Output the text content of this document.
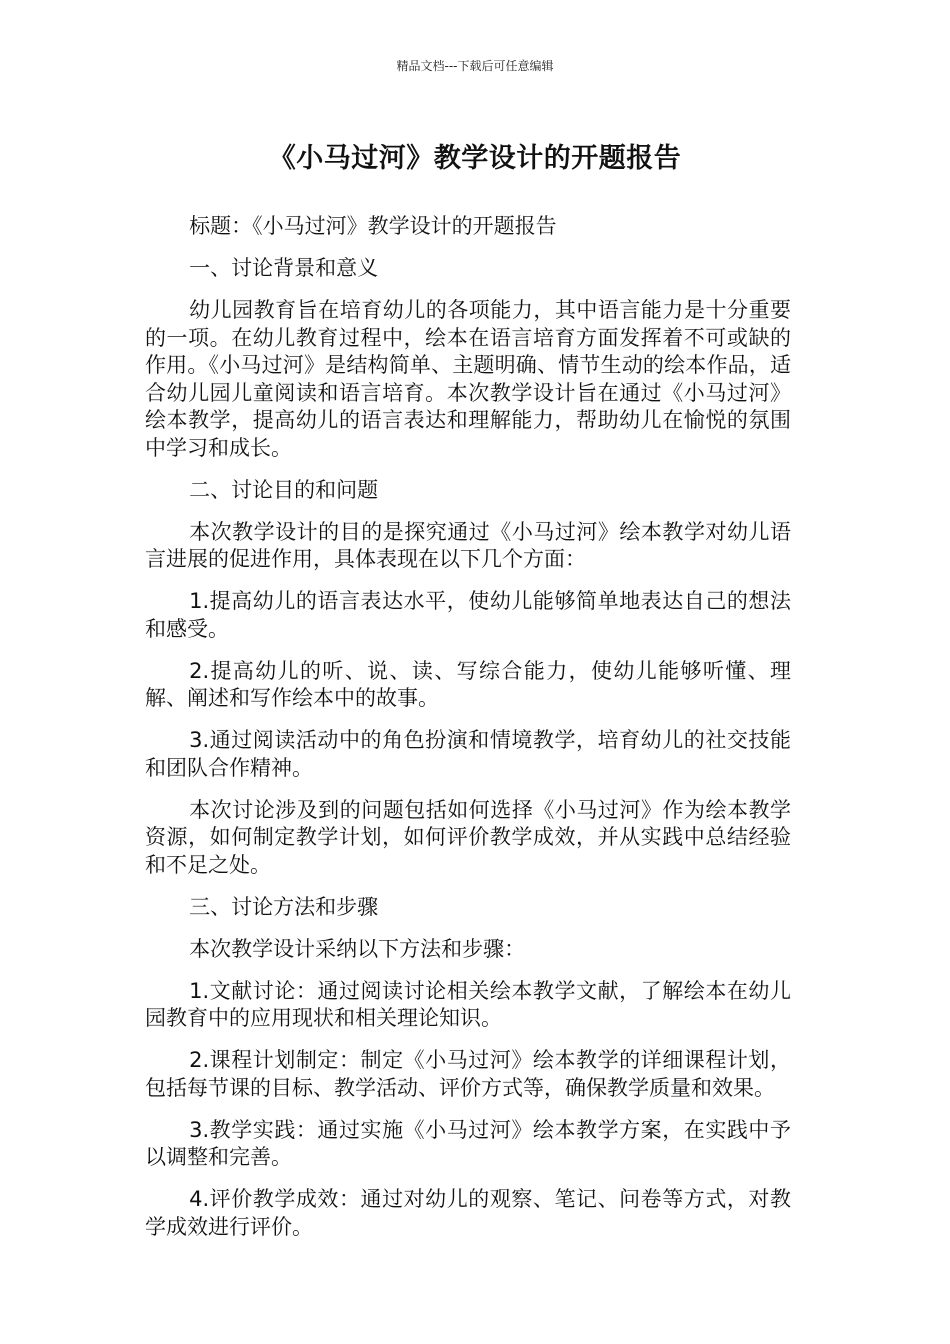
精品文档---下载后可任意编辑
《小马过河》教学设计的开题报告

标题：《小马过河》教学设计的开题报告

一、讨论背景和意义

幼儿园教育旨在培育幼儿的各项能力，其中语言能力是十分重要的一项。在幼儿教育过程中，绘本在语言培育方面发挥着不可或缺的作用。《小马过河》是结构简单、主题明确、情节生动的绘本作品，适合幼儿园儿童阅读和语言培育。本次教学设计旨在通过《小马过河》绘本教学，提高幼儿的语言表达和理解能力，帮助幼儿在愉悦的氛围中学习和成长。

二、讨论目的和问题

本次教学设计的目的是探究通过《小马过河》绘本教学对幼儿语言进展的促进作用，具体表现在以下几个方面：

1.提高幼儿的语言表达水平，使幼儿能够简单地表达自己的想法和感受。

2.提高幼儿的听、说、读、写综合能力，使幼儿能够听懂、理解、阐述和写作绘本中的故事。

3.通过阅读活动中的角色扮演和情境教学，培育幼儿的社交技能和团队合作精神。

本次讨论涉及到的问题包括如何选择《小马过河》作为绘本教学资源，如何制定教学计划，如何评价教学成效，并从实践中总结经验和不足之处。

三、讨论方法和步骤

本次教学设计采纳以下方法和步骤：

1.文献讨论：通过阅读讨论相关绘本教学文献，了解绘本在幼儿园教育中的应用现状和相关理论知识。

2.课程计划制定：制定《小马过河》绘本教学的详细课程计划，包括每节课的目标、教学活动、评价方式等，确保教学质量和效果。

3.教学实践：通过实施《小马过河》绘本教学方案，在实践中予以调整和完善。

4.评价教学成效：通过对幼儿的观察、笔记、问卷等方式，对教学成效进行评价。
